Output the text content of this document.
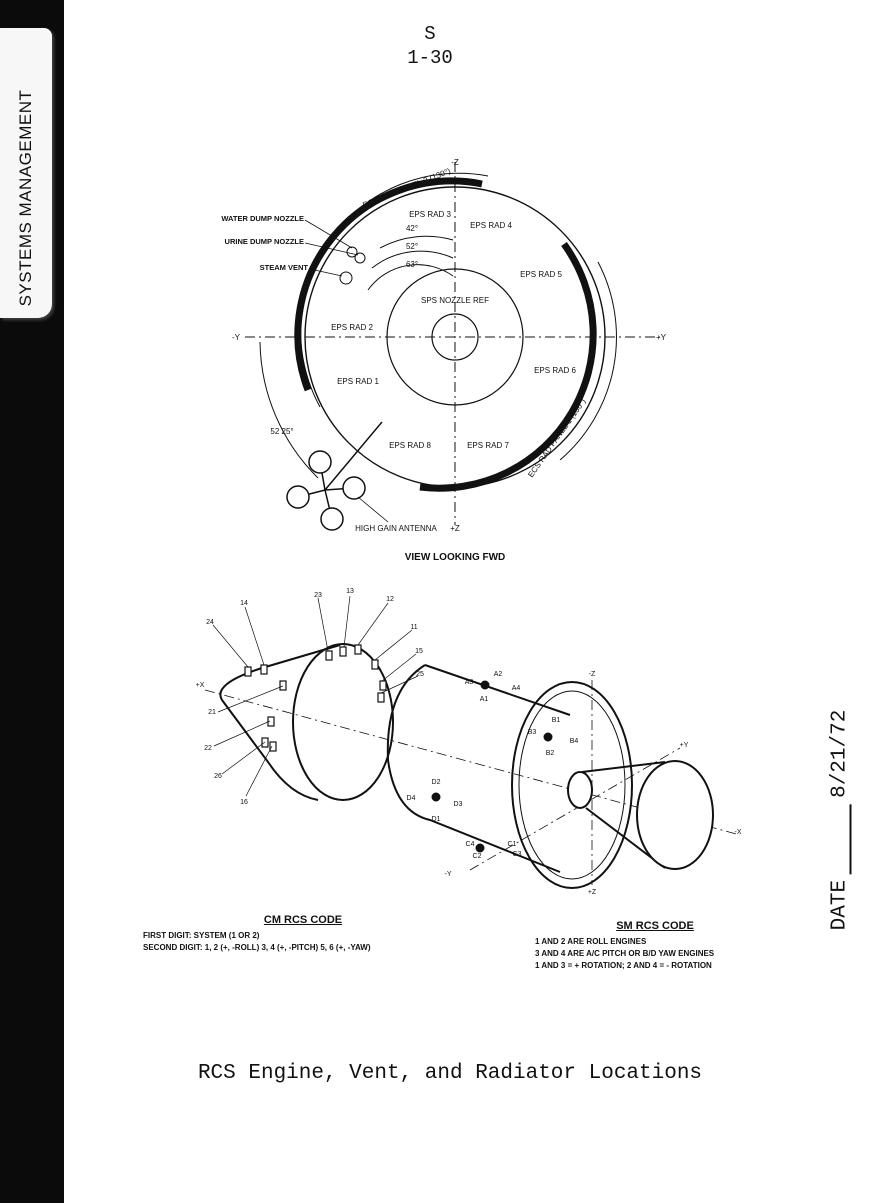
SYSTEMS MANAGEMENT
S
1-30
DATE8/21/72
-Z
+Z
-Y	+Y
SPS NOZZLE REF
EPS RAD 1
EPS RAD 2
EPS RAD 3
EPS RAD 4
EPS RAD 5
EPS RAD 6
EPS RAD 7
EPS RAD 8
ECS RAD PANEL 2 (130°)
ECS RAD PANEL 1 (130°)
WATER DUMP NOZZLE
URINE DUMP NOZZLE
STEAM VENT
42°
52°
63°
52 25°
HIGH GAIN ANTENNA
VIEW LOOKING FWD
24
14
23
13
12
11
15
25
21
22
26
16
A2
A3
A4
A1
B1
B3
B4
B2
D2
D4
D3
D1
C4	C1
C2	C3
+X
-X
-Z
+Z
+Y
-Y
CM RCS CODE
FIRST DIGIT: SYSTEM (1 OR 2)
SECOND DIGIT: 1, 2 (+, -ROLL) 3, 4 (+, -PITCH) 5, 6 (+, -YAW)
SM RCS CODE
1 AND 2 ARE ROLL ENGINES
3 AND 4 ARE A/C PITCH OR B/D YAW ENGINES
1 AND 3 = + ROTATION; 2 AND 4 = - ROTATION
RCS Engine, Vent, and Radiator Locations
